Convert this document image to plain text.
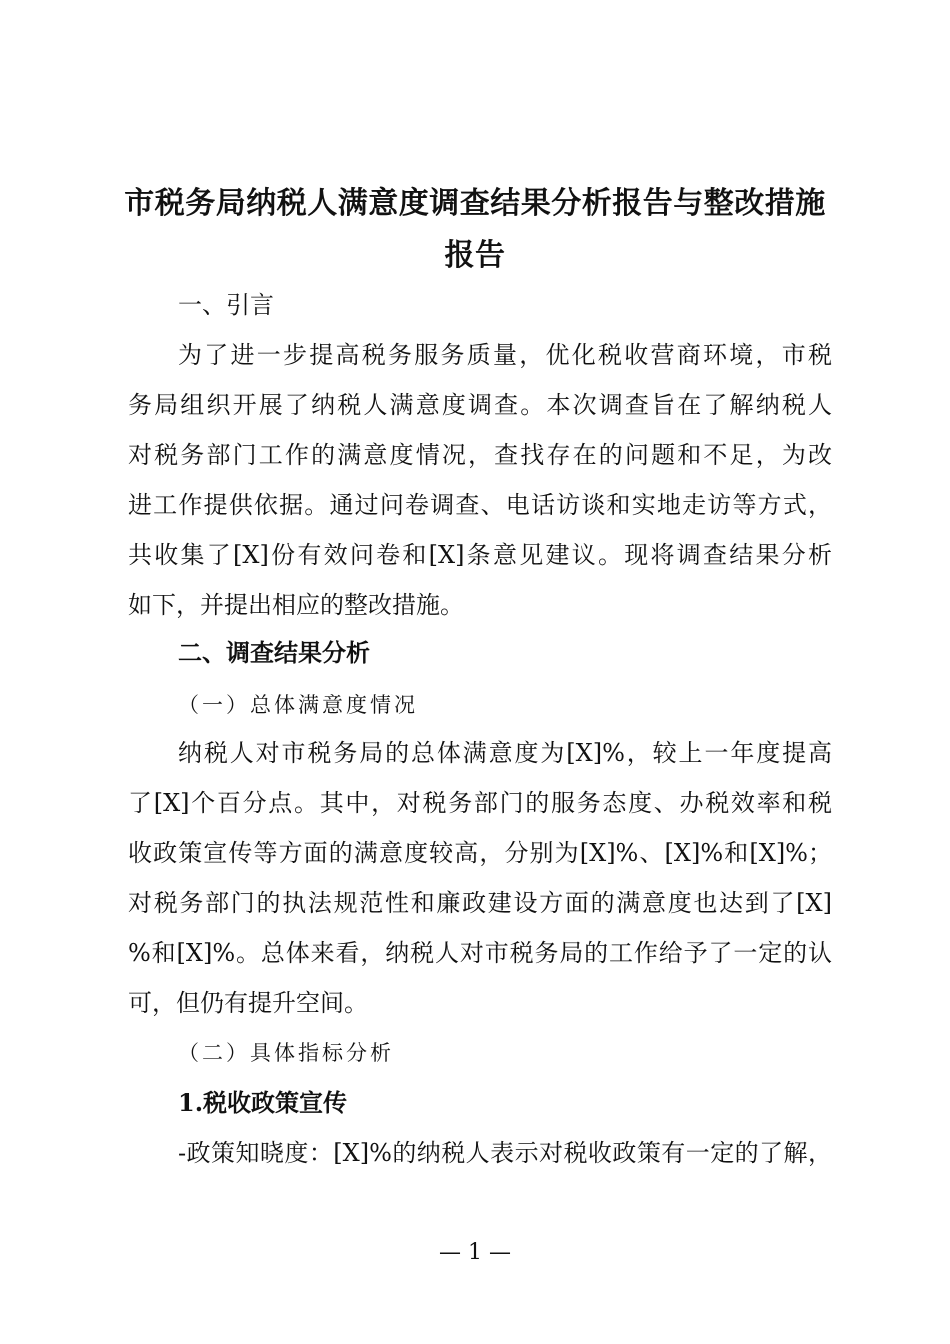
市税务局纳税人满意度调查结果分析报告与整改措施报告
一、引言
为了进一步提高税务服务质量，优化税收营商环境，市税
务局组织开展了纳税人满意度调查。本次调查旨在了解纳税人
对税务部门工作的满意度情况，查找存在的问题和不足，为改
进工作提供依据。通过问卷调查、电话访谈和实地走访等方式，
共收集了[X]份有效问卷和[X]条意见建议。现将调查结果分析
如下，并提出相应的整改措施。
二、调查结果分析
（一）总体满意度情况
纳税人对市税务局的总体满意度为[X]%，较上一年度提高
了[X]个百分点。其中，对税务部门的服务态度、办税效率和税
收政策宣传等方面的满意度较高，分别为[X]%、[X]%和[X]%；
对税务部门的执法规范性和廉政建设方面的满意度也达到了[X]
%和[X]%。总体来看，纳税人对市税务局的工作给予了一定的认
可，但仍有提升空间。
（二）具体指标分析
1.税收政策宣传
-政策知晓度：[X]%的纳税人表示对税收政策有一定的了解，
— 1 —
